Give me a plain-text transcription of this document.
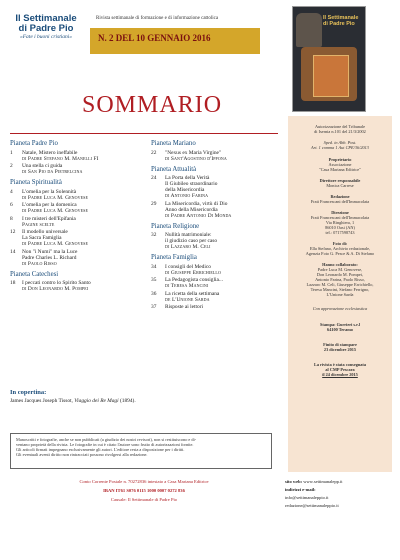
Il Settimanale
di Padre Pio
«Fate i buoni cristiani»
Rivista settimanale di formazione e di informazione cattolica
N. 2 DEL 10 GENNAIO 2016
Il Settimanale
di Padre Pio
SOMMARIO
Pianeta Padre Pio
1	Natale, Mistero ineffabile
di Padre Stefano M. Manelli FI
2	Una stella ci guida
di San Pio da Pietrelcina
Pianeta Spiritualità
4	L'omelia per la Solennità
di Padre Luca M. Genovese
6	L'omelia per la domenica
di Padre Luca M. Genovese
8	I tre misteri dell'Epifania
Pagine scelte
12	Il modello universale
La Sacra Famiglia
di Padre Luca M. Genovese
14	Non "i Numi" ma la Luce
Padre Charles L. Richard
di Paolo Risso
Pianeta Catechesi
18	I peccati contro lo Spirito Santo
di Don Leonardo M. Pompei
Pianeta Mariano
22	"Nexus ex Maria Virgine"
di Sant'Agostino d'Ippona
Pianeta Attualità
24	La Porta della Verità
Il Giubileo straordinario
della Misericordia
di Antonio Farina
29	La Misericordia, virtù di Dio
Anno della Misericordia
di Padre Antonio Di Monda
Pianeta Religione
32	Nullità matrimoniale:
il giudizio caso per caso
di Lazzaro M. Celi
Pianeta Famiglia
34	I consigli del Medico
di Giuseppe Errichiello
35	La Pedagogista consiglia...
di Teresa Mancini
36	La ricetta della settimana
de L'Unione Sarda
37	Risposte ai lettori
Autorizzazione del Tribunale
di Isernia n.101 del 21/3/2002
Sped. in Abb. Post.
Art. 1 comma 1 Aut CPE/36/2013
Proprietario
Associazione
"Casa Mariana Editrice"
Direttore responsabile
Monica Carrese
Redazione
Frati Francescani dell'Immacolata
Direzione
Frati Francescani dell'Immacolata
Via Ringhiera, 1
86010 Oasi (AN)
tel.: 0717598743
Foto di:
Ella Stefano, Archivio redazionale,
Agenzia Foto G. Pesce & A. Di Stefano
Hanno collaborato:
Padre Luca M. Genovese,
Don Leonardo M. Pompei,
Antonio Farina, Paolo Risso,
Lazzaro M. Celi, Giuseppe Errichiello,
Teresa Mancini, Stefano Ferrigno,
L'Unione Sarda
Con approvazione ecclesiastica
Stampa: Gurrieri s.r.l
64100 Teramo
Finito di stampare
23 dicembre 2015
La rivista è stata consegnata
al CMP Pescara
il 24 dicembre 2015
In copertina:
James Jacques Joseph Tissot, Viaggio dei Re Magi (1894).
Manoscritti e fotografie, anche se non pubblicati (a giudizio dei nostri revisori), non si restituiscono e di-
ventano proprietà della rivista. Le fotografie in cui è citato l'autore sono frutto di autorizzazioni fornite.
Gli articoli firmati impegnano esclusivamente gli autori. L'editore resta a disposizione per i diritti.
Gli eventuali aventi diritto non rintracciati possono rivolgersi alla redazione.
Conto Corrente Postale n. 70272836 intestato a Casa Mariana Editrice
IBAN IT61 S076 0115 1000 0007 0272 836
Causale: Il Settimanale di Padre Pio
sito web: www.settimanalepp.it
indirizzi e-mail:
info@settimanaleppio.it
redazione@settimanaleppio.it
